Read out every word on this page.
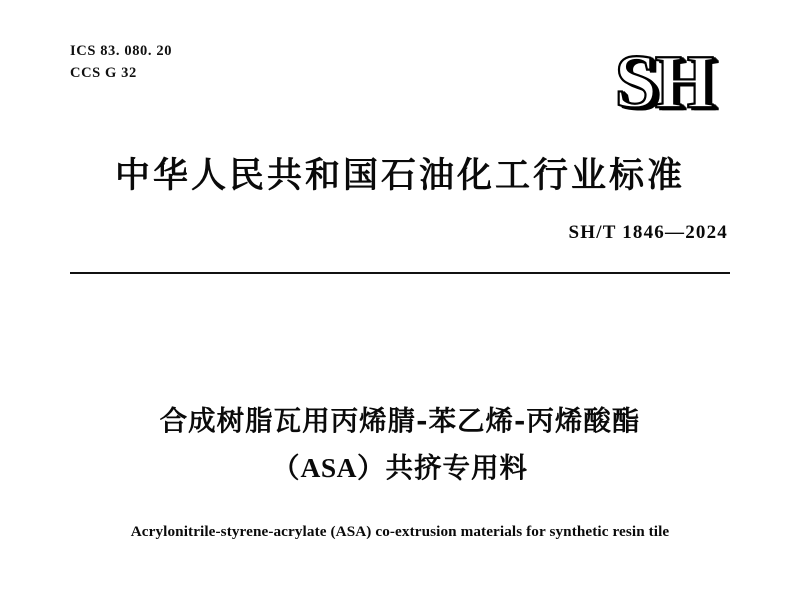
ICS 83. 080. 20
CCS G 32	SH
中华人民共和国石油化工行业标准
SH/T 1846—2024
合成树脂瓦用丙烯腈-苯乙烯-丙烯酸酯
（ASA）共挤专用料
Acrylonitrile-styrene-acrylate (ASA) co-extrusion materials for synthetic resin tile
